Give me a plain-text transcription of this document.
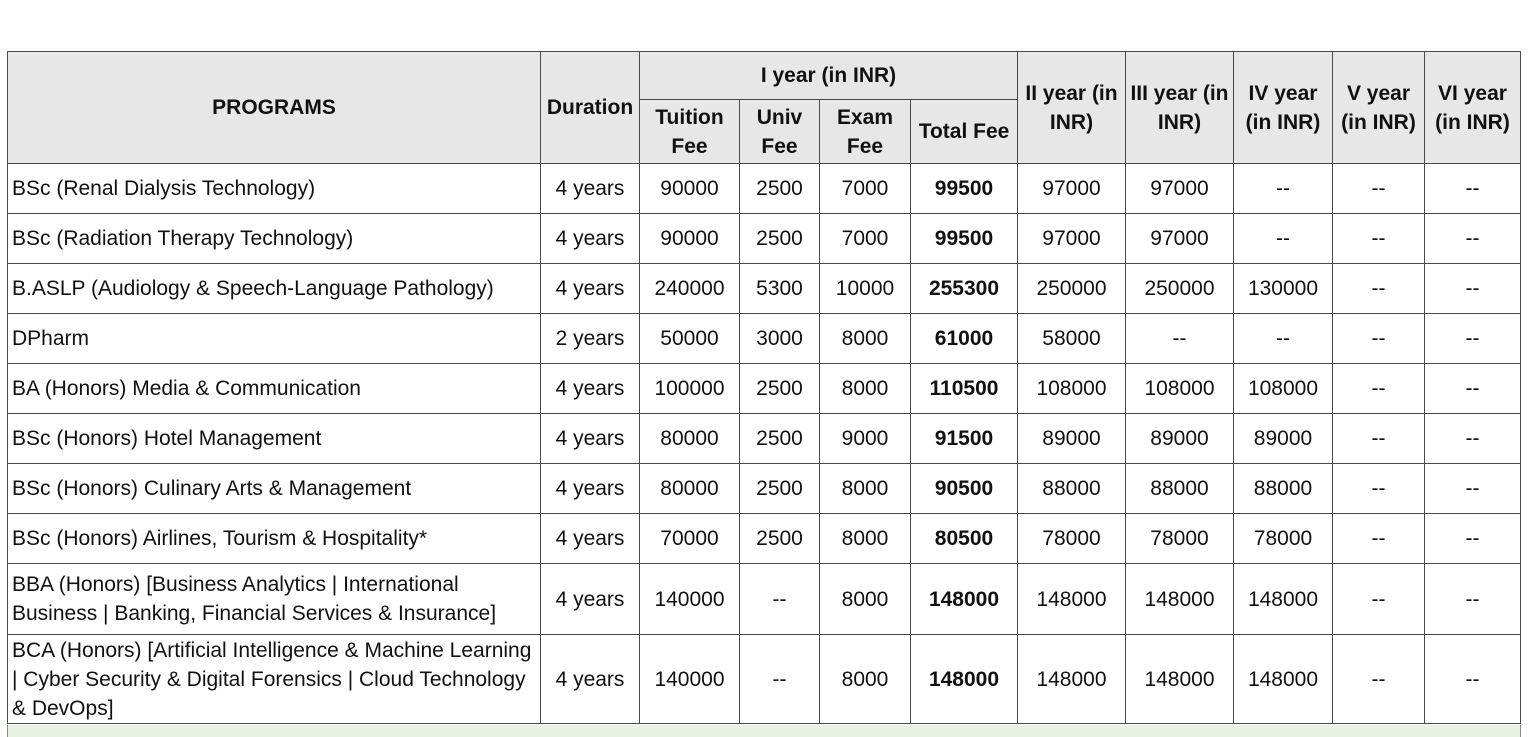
PROGRAMS	Duration	I year (in INR)				II year (in INR)	III year (in INR)	IV year (in INR)	V year (in INR)	VI year (in INR)
		Tuition Fee	Univ Fee	Exam Fee	Total Fee					
BSc (Renal Dialysis Technology)	4 years	90000	2500	7000	99500	97000	97000	--	--	--
BSc (Radiation Therapy Technology)	4 years	90000	2500	7000	99500	97000	97000	--	--	--
B.ASLP (Audiology & Speech-Language Pathology)	4 years	240000	5300	10000	255300	250000	250000	130000	--	--
DPharm	2 years	50000	3000	8000	61000	58000	--	--	--	--
BA (Honors) Media & Communication	4 years	100000	2500	8000	110500	108000	108000	108000	--	--
BSc (Honors) Hotel Management	4 years	80000	2500	9000	91500	89000	89000	89000	--	--
BSc (Honors) Culinary Arts & Management	4 years	80000	2500	8000	90500	88000	88000	88000	--	--
BSc (Honors) Airlines, Tourism & Hospitality*	4 years	70000	2500	8000	80500	78000	78000	78000	--	--
BBA (Honors) [Business Analytics | International Business | Banking, Financial Services & Insurance]	4 years	140000	--	8000	148000	148000	148000	148000	--	--
BCA (Honors) [Artificial Intelligence & Machine Learning | Cyber Security & Digital Forensics | Cloud Technology & DevOps]	4 years	140000	--	8000	148000	148000	148000	148000	--	--
